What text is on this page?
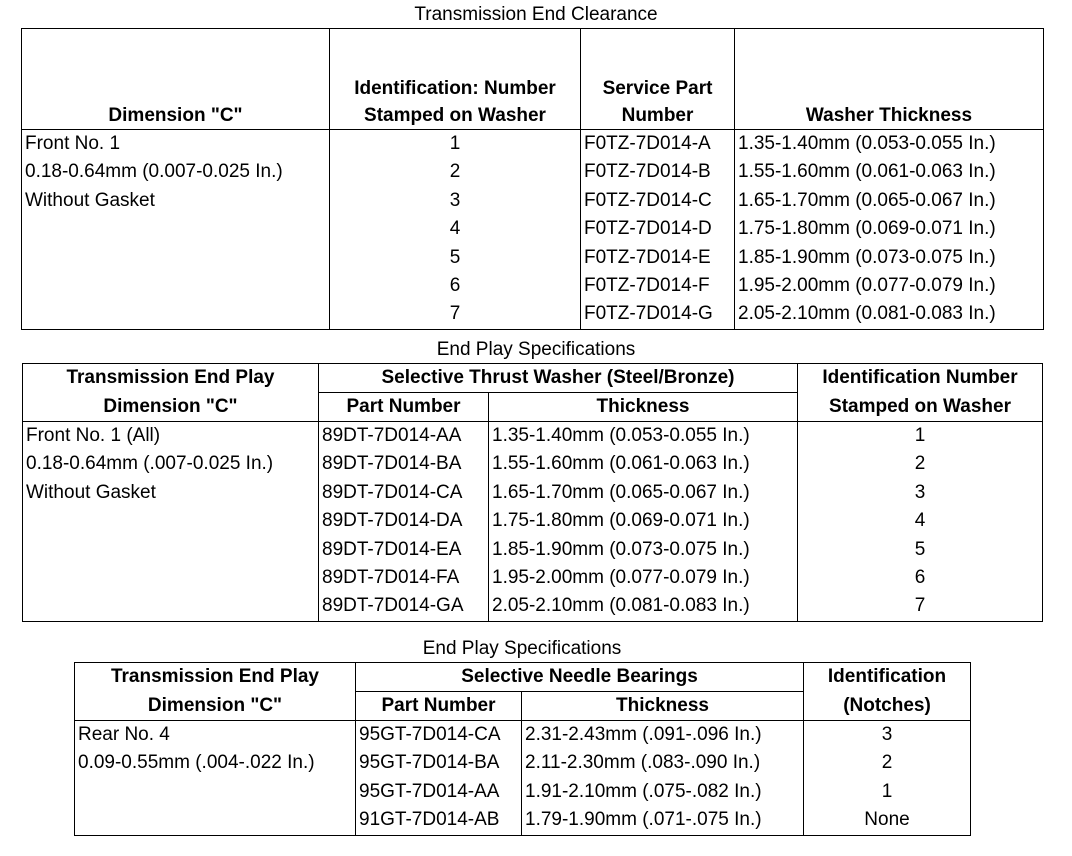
Transmission End Clearance
Dimension "C"	Identification: Number
Stamped on Washer	Service Part
Number	Washer Thickness

Front No. 1
0.18-0.64mm (0.007-0.025 In.)
Without Gasket	1	F0TZ-7D014-A	1.35-1.40mm (0.053-0.055 In.)
	2	F0TZ-7D014-B	1.55-1.60mm (0.061-0.063 In.)
	3	F0TZ-7D014-C	1.65-1.70mm (0.065-0.067 In.)
	4	F0TZ-7D014-D	1.75-1.80mm (0.069-0.071 In.)
	5	F0TZ-7D014-E	1.85-1.90mm (0.073-0.075 In.)
	6	F0TZ-7D014-F	1.95-2.00mm (0.077-0.079 In.)
	7	F0TZ-7D014-G	2.05-2.10mm (0.081-0.083 In.)
End Play Specifications
Transmission End Play	Selective Thrust Washer (Steel/Bronze)		Identification Number
Dimension "C"	Part Number	Thickness	Stamped on Washer

Front No. 1 (All)
0.18-0.64mm (.007-0.025 In.)
Without Gasket	89DT-7D014-AA	1.35-1.40mm (0.053-0.055 In.)	1
	89DT-7D014-BA	1.55-1.60mm (0.061-0.063 In.)	2
	89DT-7D014-CA	1.65-1.70mm (0.065-0.067 In.)	3
	89DT-7D014-DA	1.75-1.80mm (0.069-0.071 In.)	4
	89DT-7D014-EA	1.85-1.90mm (0.073-0.075 In.)	5
	89DT-7D014-FA	1.95-2.00mm (0.077-0.079 In.)	6
	89DT-7D014-GA	2.05-2.10mm (0.081-0.083 In.)	7
End Play Specifications
Transmission End Play	Selective Needle Bearings		Identification
Dimension "C"	Part Number	Thickness	(Notches)

Rear No. 4
0.09-0.55mm (.004-.022 In.)	95GT-7D014-CA	2.31-2.43mm (.091-.096 In.)	3
	95GT-7D014-BA	2.11-2.30mm (.083-.090 In.)	2
	95GT-7D014-AA	1.91-2.10mm (.075-.082 In.)	1
	91GT-7D014-AB	1.79-1.90mm (.071-.075 In.)	None
